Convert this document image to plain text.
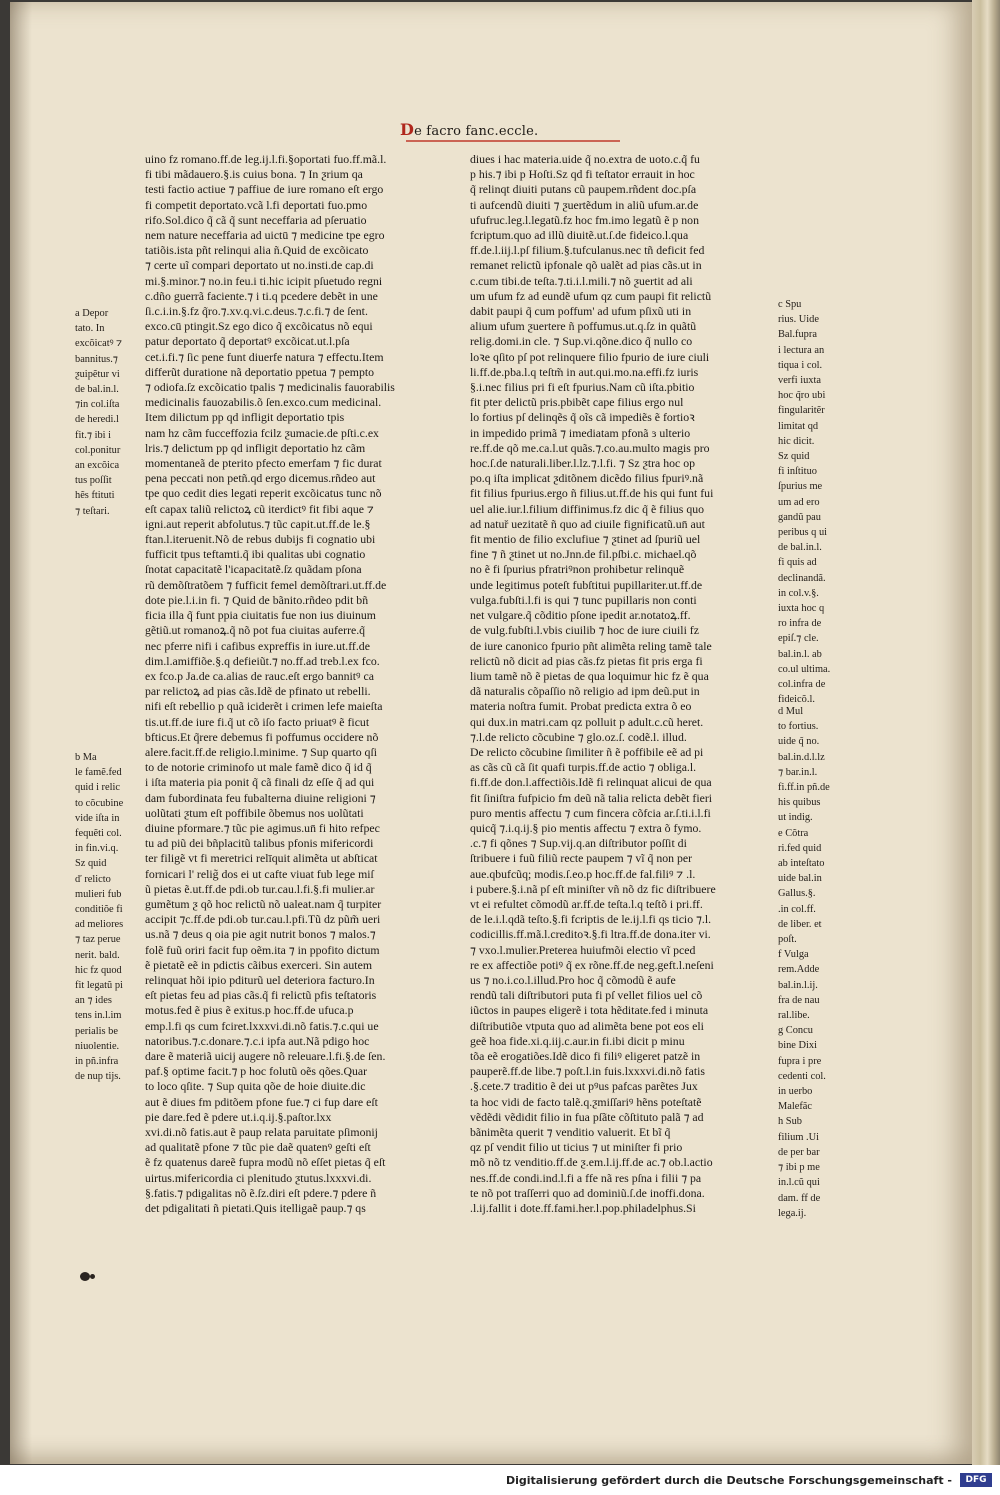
De facro fanc.eccle.

a Depor

tato. In

excõicatꝰ ⁊

bannitus.⁊

ƺuipẽtur vi

de bal.in.l.

⁊in col.iſta

de heredi.l

fit.⁊ ibi i

col.ponitur

an excõica

tus poſſit

hẽs ftituti

⁊ teſtari.

b Ma

le famẽ.fed

quid i relic

to cõcubine

vide iſta in

fequẽti col.

in fin.vi.q.

Sz quid

ď relicto

mulieri fub

conditiõe fi

ad meliores

⁊ taz perue

nerit. bald.

hic fz quod

fit legatũ pi

an ⁊ ides

tens in.l.im

perialis be

niuolentie.

in pñ.infra

de nup tijs.

uino fz romano.ff.de leg.ij.l.fi.§oportati fuo.ff.mã.l.

fi tibi mãdauero.§.is cuius bona. ⁊ In ƺrium qa

testi factio actiue ⁊ paffiue de iure romano eſt ergo

fi competit deportato.vcã l.fi deportati fuo.pmo

rifo.Sol.dico q̃ cã q̃ sunt neceffaria ad pſeruatio

nem nature neceffaria ad uictū ⁊ medicine tpe egro

tatiõis.ista pñt relinqui alia ñ.Quid de excõicato

⁊ certe uĩ compari deportato ut no.insti.de cap.di

mi.§.minor.⁊ no.in feu.i ti.hic icipit pſuetudo regni

c.dño guerrã faciente.⁊ i ti.q pcedere debẽt in une

ſi.c.i.in.§.fz q̃ro.⁊.xv.q.vi.c.deus.⁊.c.fi.⁊ de ſent.

exco.cū ptingit.Sz ego dico q̃ excõicatus nõ equi

patur deportato q̃ deportatꝰ excõicat.ut.l.pſa

cet.i.fi.⁊ ſic pene funt diuerfe natura ⁊ effectu.Item

differũt duratione nã deportatio ppetua ⁊ pempto

⁊ odiofa.ſz excõicatio tpalis ⁊ medicinalis fauorabilis

medicinalis fauozabilis.õ ſen.exco.cum medicinal.

Item dilictum pp qd infligit deportatio tpis

nam hz cãm fucceffozia fcilz ƺumacie.de pſti.c.ex

lris.⁊ delictum pp qd infligit deportatio hz cãm

momentaneã de pterito pfecto emerfam ⁊ fic durat

pena peccati non petñ.qd ergo dicemus.rñdeo aut

tpe quo cedit dies legati reperit excõicatus tunc nõ

eſt capax taliũ relictoꝝ cũ iterdictꝰ fit fibi aque ⁊

igni.aut reperit abfolutus.⁊ tũc capit.ut.ff.de le.§

ftan.l.iteruenit.Nõ de rebus dubijs fi cognatio ubi

fufficit tpus teftamti.q̃ ibi qualitas ubi cognatio

ſnotat capacitatẽ l'icapacitatẽ.ſz quãdam pſona

rũ demõſtratõem ⁊ fufficit femel demõſtrari.ut.ff.de

dote pie.l.i.in fi. ⁊ Quid de bãnito.rñdeo pdit bñ

ficia illa q̃ funt ppia ciuitatis fue non ius diuinum

gẽtiũ.ut romanoꝝ.q̃ nõ pot fua ciuitas auferre.q̃

nec pferre nifi i cafibus expreffis in iure.ut.ff.de

dim.l.amiffiõe.§.q defieiũt.⁊ no.ff.ad treb.l.ex fco.

ex fco.p Ja.de ca.alias de rauc.eſt ergo bannitꝰ ca

par relictoꝝ ad pias cãs.Idẽ de pfinato ut rebelli.

nifi eſt rebellio p quã iciderẽt i crimen lefe maieſta

tis.ut.ff.de iure fi.q̃ ut cõ iſo facto priuatꝰ ẽ ficut

bfticus.Et q̃rere debemus fi poffumus occidere nõ

alere.facit.ff.de religio.l.minime. ⁊ Sup quarto qſi

to de notorie criminofo ut male famẽ dico q̃ id q̃

i iſta materia pia ponit q̃ cã finali dz eſſe q̃ ad qui

dam fubordinata feu fubalterna diuine religioni ⁊

uolũtati ƺtum eſt poffibile õbemus nos uolũtati

diuine pformare.⁊ tũc pie agimus.un̄ fi hito refpec

tu ad piũ dei bñplacitũ talibus pfonis mifericordi

ter filigẽ vt fi meretrici relīquit alimẽta ut abſticat

fornicari l' relig̃ dos ei ut cafte viuat fub lege miſ

ũ pietas ẽ.ut.ff.de pdi.ob tur.cau.l.fi.§.fi mulier.ar

gumẽtum ƺ qõ hoc relictũ nõ ualeat.nam q̃ turpiter

accipit ⁊c.ff.de pdi.ob tur.cau.l.pfi.Tũ dz pũm̃ ueri

us.nã ⁊ deus q oia pie agit nutrit bonos ⁊ malos.⁊

folẽ fuũ oriri facit fup oẽm.ita ⁊ in ppofito dictum

ẽ pietatẽ eẽ in pdictis cãibus exerceri. Sin autem

relinquat hõi ipio pditurũ uel deteriora facturo.In

eſt pietas feu ad pias cãs.q̃ fi relictũ pfis teſtatoris

motus.fed ẽ pius ẽ exitus.p hoc.ff.de ufuca.p

emp.l.fi qs cum fciret.lxxxvi.di.nõ fatis.⁊.c.qui ue

natoribus.⁊.c.donare.⁊.c.i ipfa aut.Nã pdigo hoc

dare ẽ materiã uicij augere nõ releuare.l.fi.§.de ſen.

paf.§ optime facit.⁊ p hoc folutũ oẽs qões.Quar

to loco qſite. ⁊ Sup quita qõe de hoie diuite.dic

aut ẽ diues fm pditõem pfone fue.⁊ ci fup dare eſt

pie dare.fed ẽ pdere ut.i.q.ij.§.paſtor.lxx

xvi.di.nõ fatis.aut ẽ paup relata paruitate pſimonij

ad qualitatẽ pfone ⁊ tũc pie daẽ quatenꝰ geſti eſt

ẽ fz quatenus dareẽ fupra modũ nõ eſſet pietas q̃ eſt

uirtus.mifericordia ci plenitudo ƺtutus.lxxxvi.di.

§.fatis.⁊ pdigalitas nõ ẽ.ſz.diri eſt pdere.⁊ pdere ñ

det pdigalitati ñ pietati.Quis itelligaẽ paup.⁊ qs

diues i hac materia.uide q̃ no.extra de uoto.c.q̃ fu

p his.⁊ ibi p Hoſti.Sz qd fi teſtator errauit in hoc

q̃ relinqt diuiti putans cũ paupem.rñdent doc.pſa

ti aufcendũ diuiti ⁊ ƺuertẽdum in aliũ ufum.ar.de

ufufruc.leg.l.legatũ.fz hoc fm.imo legatũ ẽ p non

fcriptum.quo ad illũ diuitẽ.ut.ſ.de fideico.l.qua

ff.de.l.iij.l.pſ filium.§.tufculanus.nec tñ deficit fed

remanet relictũ ipfonale qõ ualẽt ad pias cãs.ut in

c.cum tibi.de teſta.⁊.ti.i.l.mili.⁊ nõ ƺuertit ad ali

um ufum fz ad eundẽ ufum qz cum paupi fit relictũ

dabit paupi q̃ cum poffum' ad ufum pſixũ uti in

alium ufum ƺuertere ñ poffumus.ut.q.ſz in quãtũ

relig.domi.in cle. ⁊ Sup.vi.qõne.dico q̃ nullo co

loꝛe qſito pſ pot relinquere filio fpurio de iure ciuli

li.ff.de.pba.l.q teſtm̃ in aut.qui.mo.na.effi.fz iuris

§.i.nec filius pri fi eſt fpurius.Nam cũ iſta.pbitio

fit pter delictũ pris.pbibẽt cape filius ergo nul

lo fortius pſ delinqẽs q̃ oĩs cã impediẽs ẽ fortioꝛ

in impedido primã ⁊ imediatam pfonã ɜ ulterio

re.ff.de qõ me.ca.l.ut quãs.⁊.co.au.multo magis pro

hoc.ſ.de naturali.liber.l.lz.⁊.l.fi. ⁊ Sz ƺtra hoc op

po.q iſta implicat ƺditõnem dicẽdo filius fpuriꝰ.nã

fit filius fpurius.ergo ñ filius.ut.ff.de his qui funt fui

uel alie.iur.l.filium diffinimus.fz dic q̃ ẽ filius quo

ad natuř uezitatẽ ñ quo ad ciuile fignificatũ.un̄ aut

fit mentio de filio exclufiue ⁊ ƺtinet ad ſpuriũ uel

fine ⁊ ñ ƺtinet ut no.Jnn.de fil.pſbi.c. michael.qõ

no ẽ fi ſpurius pfratriꝰnon prohibetur relinquẽ

unde legitimus poteſt fubſtitui pupillariter.ut.ff.de

vulga.fubſti.l.fi is qui ⁊ tunc pupillaris non conti

net vulgare.q̃ cõditio pſone ipedit ar.notatoꝝ.ff.

de vulg.fubſti.l.vbis ciuilib ⁊ hoc de iure ciuili fz

de iure canonico fpurio pñt alimẽta reling tamẽ tale

relictũ nõ dicit ad pias cãs.fz pietas fit pris erga fi

lium tamẽ nõ ẽ pietas de qua loquimur hic fz ẽ qua

dã naturalis cõpaſſio nõ religio ad ipm deũ.put in

materia noſtra fumit. Probat predicta extra õ eo

qui dux.in matri.cam qz polluit p adult.c.cũ heret.

⁊.l.de relicto cõcubine ⁊ glo.oz.ſ. codẽ.l. illud.

De relicto cõcubine ſimiliter ñ ẽ poffibile eẽ ad pi

as cãs cũ cã ſit quafi turpis.ff.de actio ⁊ obliga.l.

fi.ff.de don.l.affectiõis.Idẽ fi relinquat alicui de qua

fit ſiniſtra fufpicio fm deũ nã talia relicta debẽt fieri

puro mentis affectu ⁊ cum fincera cõfcia ar.ſ.ti.i.l.fi

quicq̃ ⁊.i.q.ij.§ pio mentis affectu ⁊ extra õ fymo.

.c.⁊ fi qõnes ⁊ Sup.vij.q.an diſtributor poſſit di

ſtribuere i fuũ filiũ recte paupem ⁊ vĩ q̃ non per

aue.qbufcũq; modis.ſ.eo.p hoc.ff.de fal.filiꝰ ⁊ .l.

i pubere.§.i.nã pſ eſt miniſter vñ nõ dz fic diſtribuere

vt ei refultet cõmodũ ar.ff.de teſta.l.q teſtõ i pri.ff.

de le.i.l.qdã teſto.§.fi fcriptis de le.ij.l.fi qs ticio ⁊.l.

codicillis.ff.mã.l.creditoꝛ.§.fi ltra.ff.de dona.iter vi.

⁊ vxo.l.mulier.Preterea huiufmõi electio vĩ pced

re ex affectiõe potiꝰ q̃ ex rõne.ff.de neg.geft.l.neſeni

us ⁊ no.i.co.l.illud.Pro hoc q̃ cõmodũ ẽ aufe

rendũ tali diſtributori puta fi pſ vellet filios uel cõ

iũctos in paupes eligerẽ i tota hẽditate.fed i minuta

diſtributiõe vtputa quo ad alimẽta bene pot eos eli

geẽ hoa fide.xi.q.iij.c.aur.in fi.ibi dicit p minu

tõa eẽ erogatiões.Idẽ dico fi filiꝰ eligeret patzẽ in

pauperẽ.ff.de libe.⁊ poſt.l.in fuis.lxxxvi.di.nõ fatis

.§.cete.⁊ traditio ẽ dei ut pꝰus pafcas parẽtes Jux

ta hoc vidi de facto talẽ.q.ƺmiſſariꝰ hẽns poteſtatẽ

vẽdẽdi vẽdidit filio in fua pſãte cõſtituto palã ⁊ ad

bãnimẽta querit ⁊ venditio valuerit. Et bĩ q̃

qz pſ vendit filio ut ticius ⁊ ut miniſter fi prio

mõ nõ tz venditio.ff.de ƺ.em.l.ij.ff.de ac.⁊ ob.l.actio

nes.ff.de condi.ind.l.fi a ffe nã res pſna i filii ⁊ pa

te nõ pot traſſerri quo ad dominiũ.ſ.de inoffi.dona.

.l.ij.fallit i dote.ff.fami.her.l.pop.philadelphus.Si

c Spu

rius. Uide

Bal.fupra

i lectura an

tiqua i col.

verfi iuxta

hoc q̃ro ubi

fingularitẽr

limitat qd

hic dicit.

Sz quid

fi inſtituo

ſpurius me

um ad ero

gandũ pau

peribus q ui

de bal.in.l.

fi quis ad

declinandã.

in col.v.§.

iuxta hoc q

ro infra de

epiſ.⁊ cle.

bal.in.l. ab

co.ul ultima.

col.infra de

fideicõ.l.

d Mul

to fortius.

uide q̃ no.

bal.in.d.l.lz

⁊ bar.in.l.

fi.ff.in pñ.de

his quibus

ut indig.

e Cõtra

ri.fed quid

ab inteſtato

uide bal.in

Gallus.§.

.in col.ff.

de liber. et

poſt.

f Vulga

rem.Adde

bal.in.l.ij.

fra de nau

ral.libe.

g Concu

bine Dixi

fupra i pre

cedenti col.

in uerbo

Malefãc

h Sub

filium .Ui

de per bar

⁊ ibi p me

in.l.cũ qui

dam. ff de

lega.ij.

Digitalisierung gefördert durch die Deutsche Forschungsgemeinschaft -	DFG
